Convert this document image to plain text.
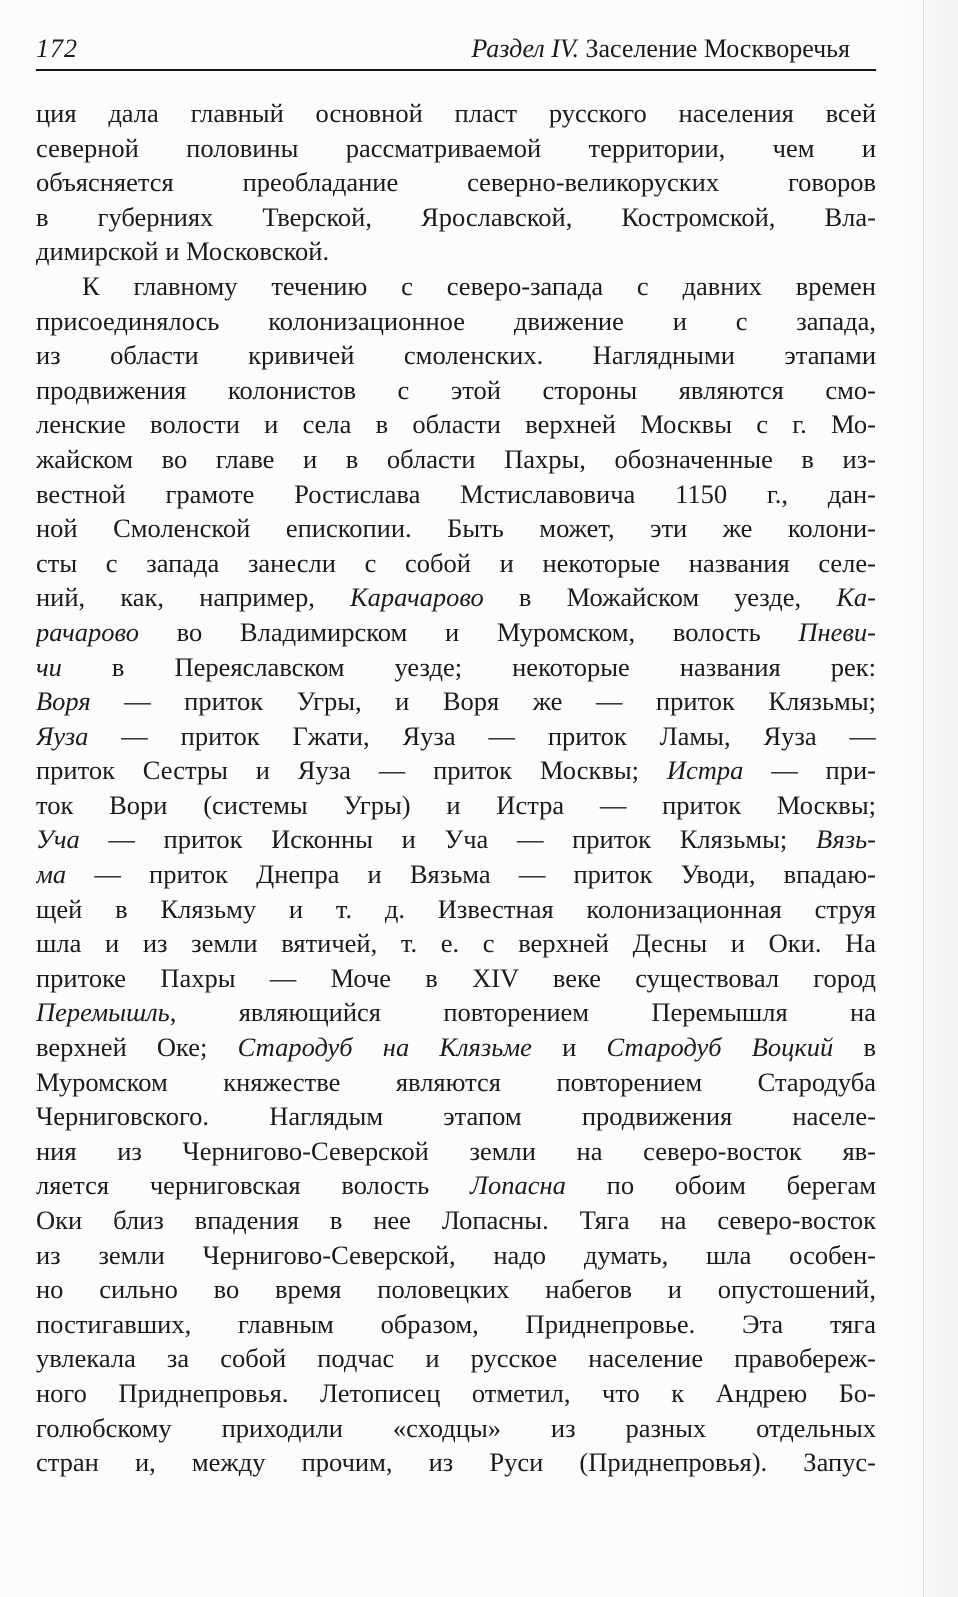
172	Раздел IV. Заселение Москворечья
ция дала главный основной пласт русского населения всей
северной половины рассматриваемой территории, чем и
объясняется преобладание северно-великоруских говоров
в губерниях Тверской, Ярославской, Костромской, Вла-
димирской и Московской.
К главному течению с северо-запада с давних времен
присоединялось колонизационное движение и с запада,
из области кривичей смоленских. Наглядными этапами
продвижения колонистов с этой стороны являются смо-
ленские волости и села в области верхней Москвы с г. Мо-
жайском во главе и в области Пахры, обозначенные в из-
вестной грамоте Ростислава Мстиславовича 1150 г., дан-
ной Смоленской епископии. Быть может, эти же колони-
сты с запада занесли с собой и некоторые названия селе-
ний, как, например, Карачарово в Можайском уезде, Ка-
рачарово во Владимирском и Муромском, волость Пневи-
чи в Переяславском уезде; некоторые названия рек:
Воря — приток Угры, и Воря же — приток Клязьмы;
Яуза — приток Гжати, Яуза — приток Ламы, Яуза —
приток Сестры и Яуза — приток Москвы; Истра — при-
ток Вори (системы Угры) и Истра — приток Москвы;
Уча — приток Исконны и Уча — приток Клязьмы; Вязь-
ма — приток Днепра и Вязьма — приток Уводи, впадаю-
щей в Клязьму и т. д. Известная колонизационная струя
шла и из земли вятичей, т. е. с верхней Десны и Оки. На
притоке Пахры — Моче в XIV веке существовал город
Перемышль, являющийся повторением Перемышля на
верхней Оке; Стародуб на Клязьме и Стародуб Воцкий в
Муромском княжестве являются повторением Стародуба
Черниговского. Наглядым этапом продвижения населе-
ния из Чернигово-Северской земли на северо-восток яв-
ляется черниговская волость Лопасна по обоим берегам
Оки близ впадения в нее Лопасны. Тяга на северо-восток
из земли Чернигово-Северской, надо думать, шла особен-
но сильно во время половецких набегов и опустошений,
постигавших, главным образом, Приднепровье. Эта тяга
увлекала за собой подчас и русское население правобереж-
ного Приднепровья. Летописец отметил, что к Андрею Бо-
голюбскому приходили «сходцы» из разных отдельных
стран и, между прочим, из Руси (Приднепровья). Запус-
